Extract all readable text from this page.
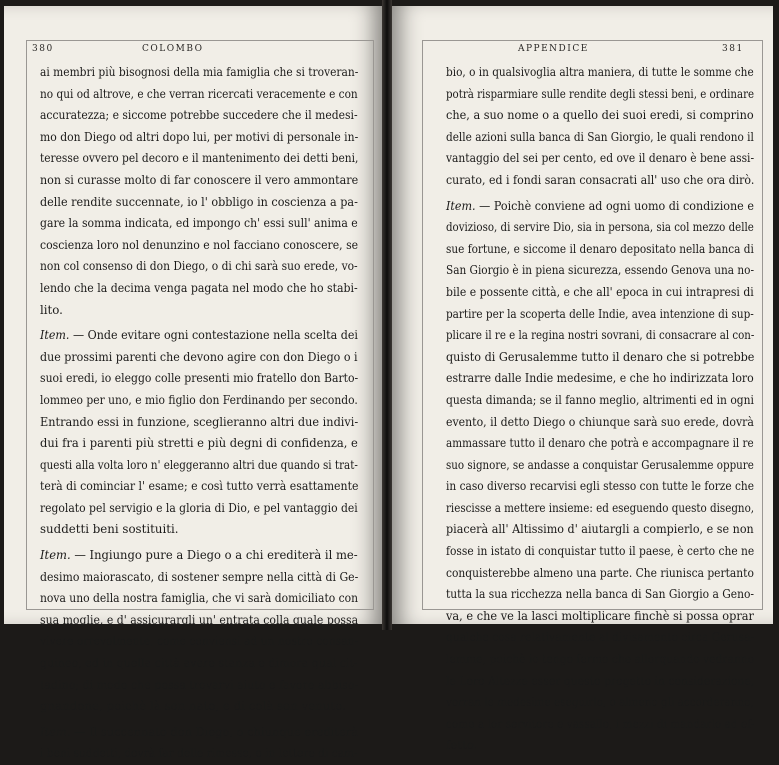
380	COLOMBO
ai membri più bisognosi della mia famiglia che si troveran-
no qui od altrove, e che verran ricercati veracemente e con
accuratezza; e siccome potrebbe succedere che il medesi-
mo don Diego od altri dopo lui, per motivi di personale in-
teresse ovvero pel decoro e il mantenimento dei detti beni,
non si curasse molto di far conoscere il vero ammontare
delle rendite succennate, io l' obbligo in coscienza a pa-
gare la somma indicata, ed impongo ch' essi sull' anima e
coscienza loro nol denunzino e nol facciano conoscere, se
non col consenso di don Diego, o di chi sarà suo erede, vo-
lendo che la decima venga pagata nel modo che ho stabi-
lito.
Item. — Onde evitare ogni contestazione nella scelta dei
due prossimi parenti che devono agire con don Diego o i
suoi eredi, io eleggo colle presenti mio fratello don Barto-
lommeo per uno, e mio figlio don Ferdinando per secondo.
Entrando essi in funzione, sceglieranno altri due indivi-
dui fra i parenti più stretti e più degni di confidenza, e
questi alla volta loro n' eleggeranno altri due quando si trat-
terà di cominciar l' esame; e così tutto verrà esattamente
regolato pel servigio e la gloria di Dio, e pel vantaggio dei
suddetti beni sostituiti.
Item. — Ingiungo pure a Diego o a chi erediterà il me-
desimo maiorascato, di sostener sempre nella città di Ge-
nova uno della nostra famiglia, che vi sarà domiciliato con
sua moglie, e d' assicurargli un' entrata colla quale possa
vivere orrevolmente, come conviensi ad un nostro consan-
guineo, ed in quella città avere stanza e dimora qual cit-
tadino; di modo che possa trovarvi aiuto e favore abbiso-
gnandone, poichè là son nato, e di colà son venuto.
Item. — Il succennato don Diego, o chiunque erediterà
i beni suddetti, dovrà far delle rimesse, o in lettere di cam-
APPENDICE	381
bio, o in qualsivoglia altra maniera, di tutte le somme che
potrà risparmiare sulle rendite degli stessi beni, e ordinare
che, a suo nome o a quello dei suoi eredi, si comprino
delle azioni sulla banca di San Giorgio, le quali rendono il
vantaggio del sei per cento, ed ove il denaro è bene assi-
curato, ed i fondi saran consacrati all' uso che ora dirò.
Item. — Poichè conviene ad ogni uomo di condizione e
dovizioso, di servire Dio, sia in persona, sia col mezzo delle
sue fortune, e siccome il denaro depositato nella banca di
San Giorgio è in piena sicurezza, essendo Genova una no-
bile e possente città, e che all' epoca in cui intrapresi di
partire per la scoperta delle Indie, avea intenzione di sup-
plicare il re e la regina nostri sovrani, di consacrare al con-
quisto di Gerusalemme tutto il denaro che si potrebbe
estrarre dalle Indie medesime, e che ho indirizzata loro
questa dimanda; se il fanno meglio, altrimenti ed in ogni
evento, il detto Diego o chiunque sarà suo erede, dovrà
ammassare tutto il denaro che potrà e accompagnare il re
suo signore, se andasse a conquistar Gerusalemme oppure
in caso diverso recarvisi egli stesso con tutte le forze che
riescisse a mettere insieme: ed eseguendo questo disegno,
piacerà all' Altissimo d' aiutargli a compierlo, e se non
fosse in istato di conquistar tutto il paese, è certo che ne
conquisterebbe almeno una parte. Che riunisca pertanto
tutta la sua ricchezza nella banca di San Giorgio a Geno-
va, e che ve la lasci moltiplicare finchè si possa oprar
qualche cosa relativamente al divisamento circa Gerusa-
lemme; poichè io tengo fermo che allorquando vedranno
le Loro Altezze esser questo progetto in considerazione,
vorran le medesime eseguirlo, o almeno gli accorderanno,
come a lor servitore e vassallo, i mezzi di mandarlo ad ef-
fetto.
